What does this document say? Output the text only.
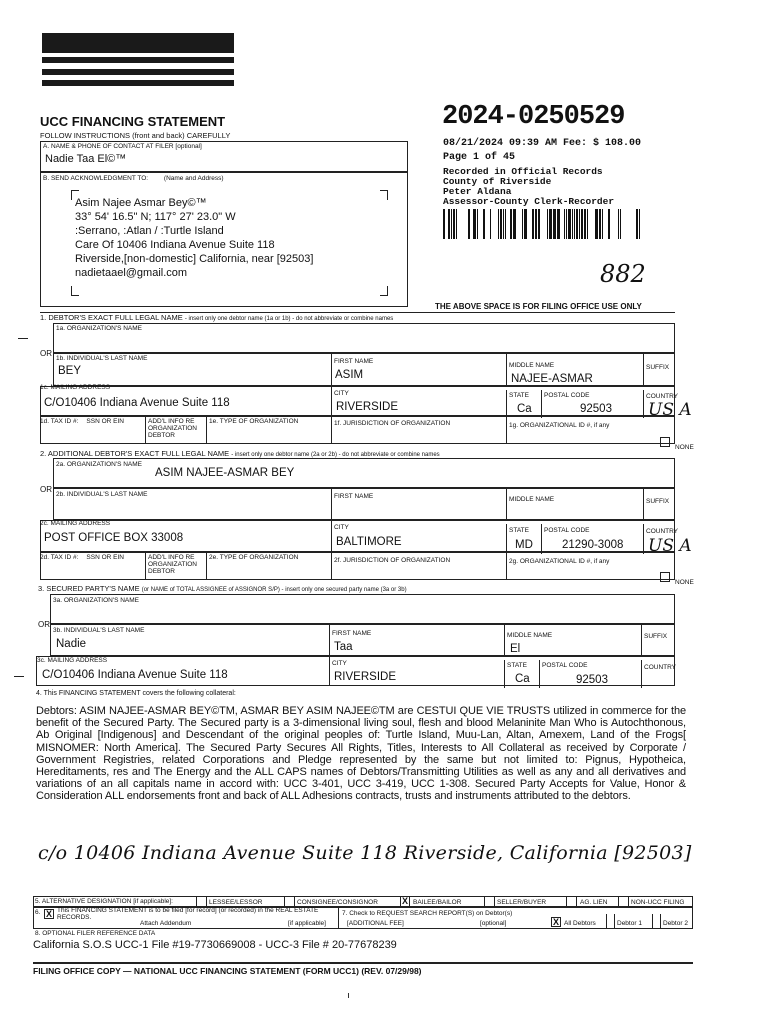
UCC FINANCING STATEMENT
FOLLOW INSTRUCTIONS (front and back) CAREFULLY
A. NAME & PHONE OF CONTACT AT FILER [optional]
Nadie Taa El©™
B. SEND ACKNOWLEDGMENT TO: (Name and Address)
Asim Najee Asmar Bey©™
33° 54' 16.5" N; 117° 27' 23.0" W
:Serrano, :Atlan / :Turtle Island
Care Of 10406 Indiana Avenue Suite 118
Riverside,[non-domestic] California, near [92503]
nadietaael@gmail.com
2024-0250529
08/21/2024 09:39 AM Fee: $ 108.00
Page 1 of 45
Recorded in Official Records
County of Riverside
Peter Aldana
Assessor-County Clerk-Recorder
882
THE ABOVE SPACE IS FOR FILING OFFICE USE ONLY
1. DEBTOR'S EXACT FULL LEGAL NAME - insert only one debtor name (1a or 1b) - do not abbreviate or combine names
1a. ORGANIZATION'S NAME
OR
1b. INDIVIDUAL'S LAST NAME
BEY
FIRST NAME
ASIM
MIDDLE NAME
NAJEE-ASMAR
SUFFIX
1c. MAILING ADDRESS
C/O10406 Indiana Avenue Suite 118
CITY
RIVERSIDE
STATE
Ca
POSTAL CODE
92503
COUNTRY
US A
1d. TAX ID #: SSN OR EIN	ADD'L INFO RE ORGANIZATION DEBTOR
1e. TYPE OF ORGANIZATION	1f. JURISDICTION OF ORGANIZATION	1g. ORGANIZATIONAL ID #, if any
NONE
2. ADDITIONAL DEBTOR'S EXACT FULL LEGAL NAME - insert only one debtor name (2a or 2b) - do not abbreviate or combine names
2a. ORGANIZATION'S NAME
ASIM NAJEE-ASMAR BEY
OR
2b. INDIVIDUAL'S LAST NAME	FIRST NAME	MIDDLE NAME	SUFFIX
2c. MAILING ADDRESS
POST OFFICE BOX 33008
CITY
BALTIMORE
STATE
MD
POSTAL CODE
21290-3008
COUNTRY
US A
2d. TAX ID #: SSN OR EIN	ADD'L INFO RE ORGANIZATION DEBTOR
2e. TYPE OF ORGANIZATION	2f. JURISDICTION OF ORGANIZATION	2g. ORGANIZATIONAL ID #, if any
NONE
3. SECURED PARTY'S NAME (or NAME of TOTAL ASSIGNEE of ASSIGNOR S/P) - insert only one secured party name (3a or 3b)
3a. ORGANIZATION'S NAME
OR
3b. INDIVIDUAL'S LAST NAME
Nadie
FIRST NAME
Taa
MIDDLE NAME
El
SUFFIX
3c. MAILING ADDRESS
C/O10406 Indiana Avenue Suite 118
CITY
RIVERSIDE
STATE
Ca
POSTAL CODE
92503
COUNTRY
4. This FINANCING STATEMENT covers the following collateral:
Debtors: ASIM NAJEE-ASMAR BEY©TM, ASMAR BEY ASIM NAJEE©TM are CESTUI QUE VIE TRUSTS utilized in commerce for the benefit of the Secured Party. The Secured party is a 3-dimensional living soul, flesh and blood Melaninite Man Who is Autochthonous, Ab Original [Indigenous] and Descendant of the original peoples of: Turtle Island, Muu-Lan, Altan, Amexem, Land of the Frogs[ MISNOMER: North America]. The Secured Party Secures All Rights, Titles, Interests to All Collateral as received by Corporate / Government Registries, related Corporations and Pledge represented by the same but not limited to: Pignus, Hypotheica, Hereditaments, res and The Energy and the ALL CAPS names of Debtors/Transmitting Utilities as well as any and all derivatives and variations of an all capitals name in accord with: UCC 3-401, UCC 3-419, UCC 1-308. Secured Party Accepts for Value, Honor & Consideration ALL endorsements front and back of ALL Adhesions contracts, trusts and instruments attributed to the debtors.
c/o 10406 Indiana Avenue Suite 118 Riverside, California [92503]
5. ALTERNATIVE DESIGNATION [if applicable]:	LESSEE/LESSOR	CONSIGNEE/CONSIGNOR	X BAILEE/BAILOR	SELLER/BUYER	AG. LIEN	NON-UCC FILING
6. X This FINANCING STATEMENT is to be filed [for record] (or recorded) in the REAL ESTATE RECORDS.
Attach Addendum	[if applicable]
7. Check to REQUEST SEARCH REPORT(S) on Debtor(s)
[ADDITIONAL FEE]	[optional]	X All Debtors	Debtor 1	Debtor 2
8. OPTIONAL FILER REFERENCE DATA
California S.O.S UCC-1 File #19-7730669008 - UCC-3 File # 20-77678239
FILING OFFICE COPY — NATIONAL UCC FINANCING STATEMENT (FORM UCC1) (REV. 07/29/98)
